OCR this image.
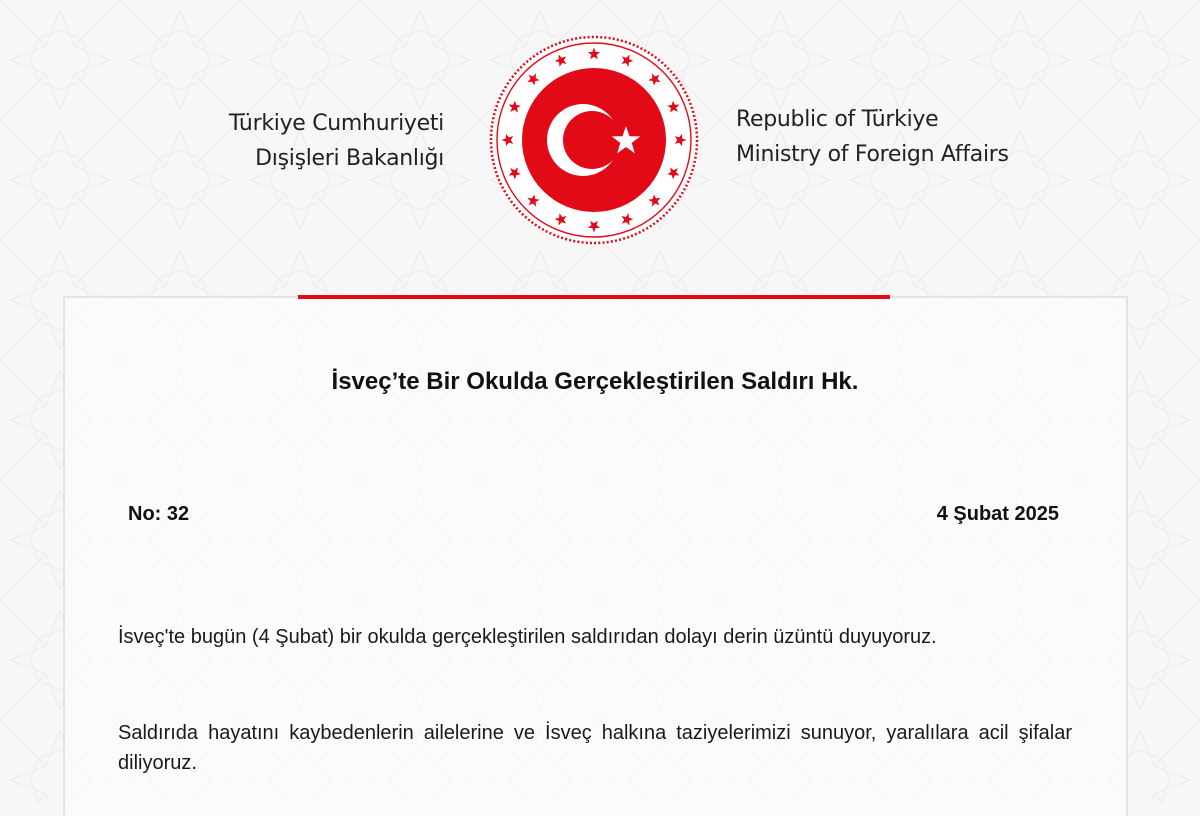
Türkiye Cumhuriyeti
Dışişleri Bakanlığı
Republic of Türkiye
Ministry of Foreign Affairs
İsveç’te Bir Okulda Gerçekleştirilen Saldırı Hk.
No: 32	4 Şubat 2025
İsveç'te bugün (4 Şubat) bir okulda gerçekleştirilen saldırıdan dolayı derin üzüntü duyuyoruz.
Saldırıda hayatını kaybedenlerin ailelerine ve İsveç halkına taziyelerimizi sunuyor, yaralılara acil şifalar diliyoruz.
